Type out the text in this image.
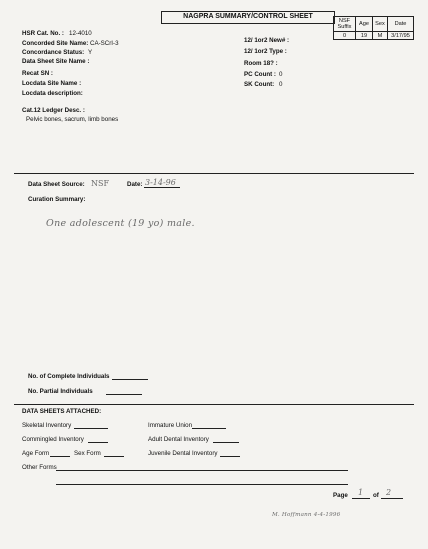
NAGPRA SUMMARY/CONTROL SHEET
NSF Suffix	Age	Sex	Date
0	19	M	3/17/95
HSR Cat. No. : 12-4010
Concorded Site Name: CA-SCrI-3
Concordance Status: Y
Data Sheet Site Name :
Recat SN :
Locdata Site Name :
Locdata description:
Cat.12 Ledger Desc. :
Pelvic bones, sacrum, limb bones
12/ 1or2 New# :
12/ 1or2 Type :
Room 18? :
PC Count : 0
SK Count: 0
Data Sheet Source: NSF	Date: 3-14-96
Curation Summary:
One adolescent (19 yo) male.
No. of Complete Individuals
No. Partial Individuals
DATA SHEETS ATTACHED:
Skeletal Inventory	Immature Union
Commingled Inventory	Adult Dental Inventory
Age Form	Sex Form	Juvenile Dental Inventory
Other Forms
Page 1 of 2
M. Hoffmann 4-4-1996
